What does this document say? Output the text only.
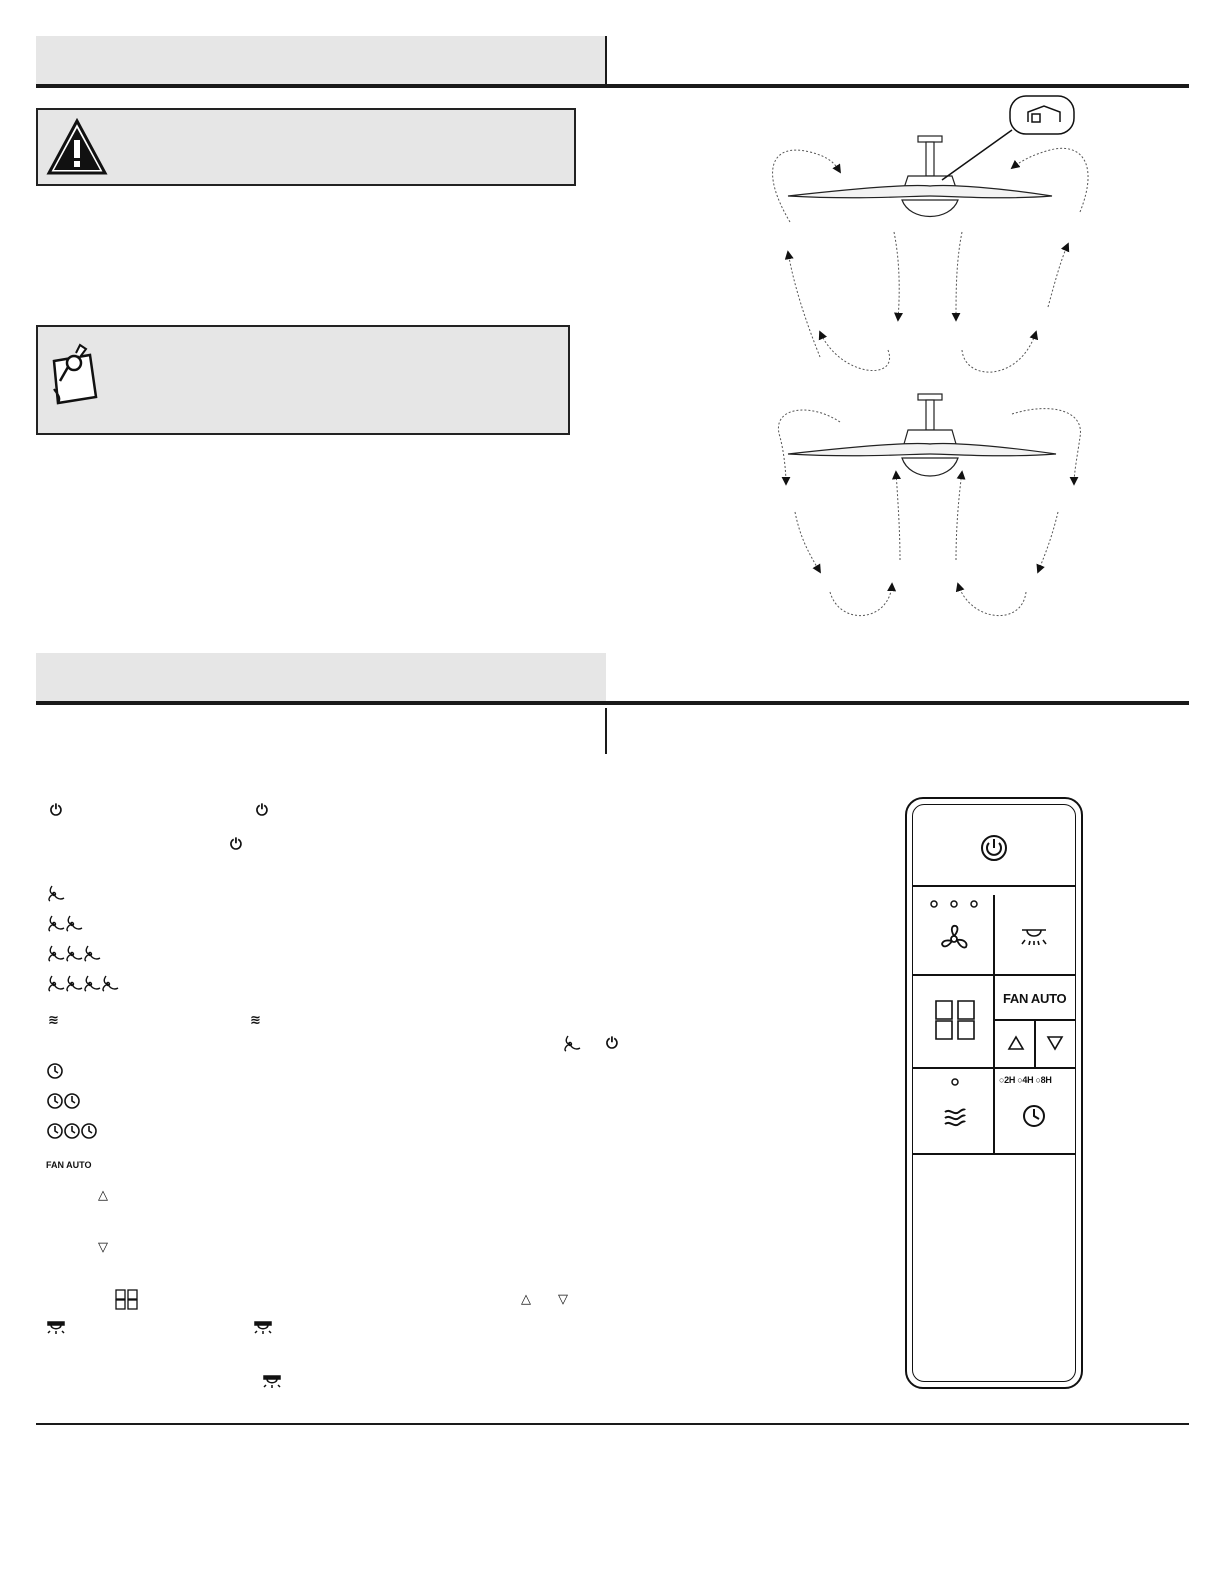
⏻	⏻
⏻
≋	≋
⏻
FAN AUTO
△
▽
△ ▽
FAN AUTO
○2H ○4H ○8H
